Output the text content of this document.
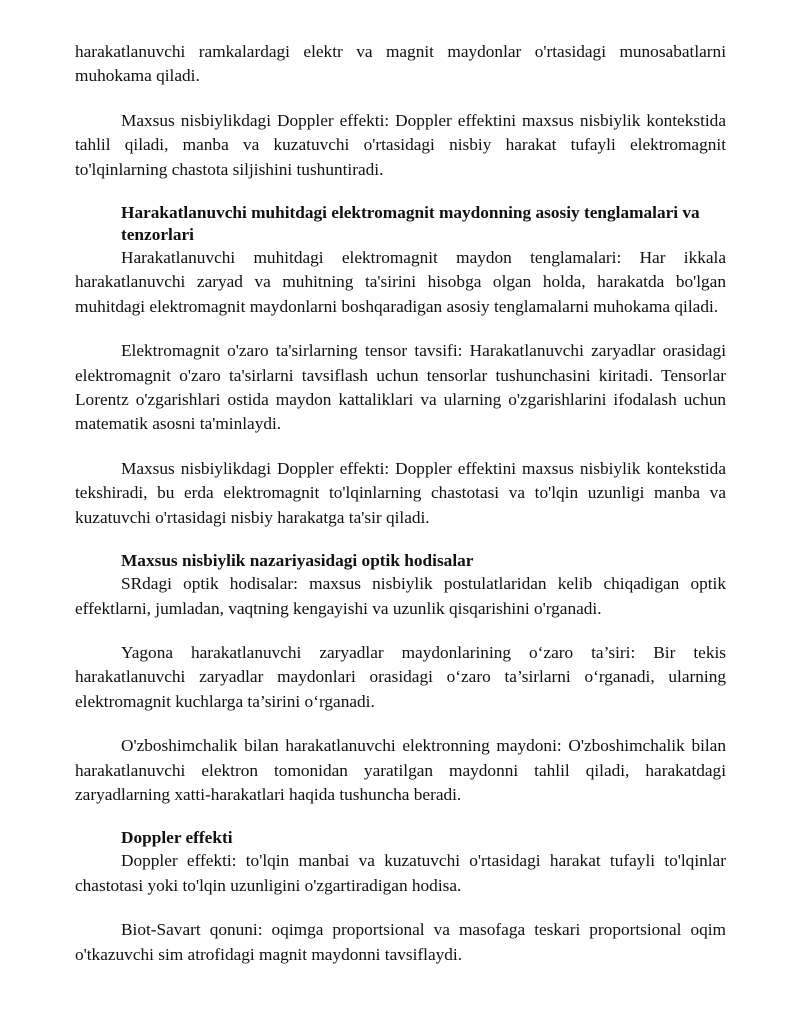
harakatlanuvchi ramkalardagi elektr va magnit maydonlar o'rtasidagi munosabatlarni muhokama qiladi.

Maxsus nisbiylikdagi Doppler effekti: Doppler effektini maxsus nisbiylik kontekstida tahlil qiladi, manba va kuzatuvchi o'rtasidagi nisbiy harakat tufayli elektromagnit to'lqinlarning chastota siljishini tushuntiradi.

Harakatlanuvchi muhitdagi elektromagnit maydonning asosiy tenglamalari va tenzorlari

Harakatlanuvchi muhitdagi elektromagnit maydon tenglamalari: Har ikkala harakatlanuvchi zaryad va muhitning ta'sirini hisobga olgan holda, harakatda bo'lgan muhitdagi elektromagnit maydonlarni boshqaradigan asosiy tenglamalarni muhokama qiladi.

Elektromagnit o'zaro ta'sirlarning tensor tavsifi: Harakatlanuvchi zaryadlar orasidagi elektromagnit o'zaro ta'sirlarni tavsiflash uchun tensorlar tushunchasini kiritadi. Tensorlar Lorentz o'zgarishlari ostida maydon kattaliklari va ularning o'zgarishlarini ifodalash uchun matematik asosni ta'minlaydi.

Maxsus nisbiylikdagi Doppler effekti: Doppler effektini maxsus nisbiylik kontekstida tekshiradi, bu erda elektromagnit to'lqinlarning chastotasi va to'lqin uzunligi manba va kuzatuvchi o'rtasidagi nisbiy harakatga ta'sir qiladi.

Maxsus nisbiylik nazariyasidagi optik hodisalar

SRdagi optik hodisalar: maxsus nisbiylik postulatlaridan kelib chiqadigan optik effektlarni, jumladan, vaqtning kengayishi va uzunlik qisqarishini o'rganadi.

Yagona harakatlanuvchi zaryadlar maydonlarining o‘zaro ta’siri: Bir tekis harakatlanuvchi zaryadlar maydonlari orasidagi o‘zaro ta’sirlarni o‘rganadi, ularning elektromagnit kuchlarga ta’sirini o‘rganadi.

O'zboshimchalik bilan harakatlanuvchi elektronning maydoni: O'zboshimchalik bilan harakatlanuvchi elektron tomonidan yaratilgan maydonni tahlil qiladi, harakatdagi zaryadlarning xatti-harakatlari haqida tushuncha beradi.

Doppler effekti

Doppler effekti: to'lqin manbai va kuzatuvchi o'rtasidagi harakat tufayli to'lqinlar chastotasi yoki to'lqin uzunligini o'zgartiradigan hodisa.

Biot-Savart qonuni: oqimga proportsional va masofaga teskari proportsional oqim o'tkazuvchi sim atrofidagi magnit maydonni tavsiflaydi.
